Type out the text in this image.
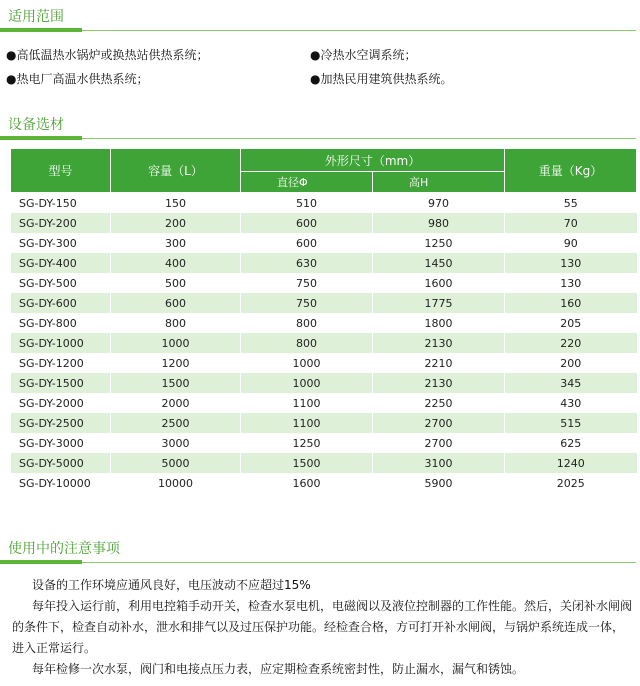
适用范围
●高低温热水锅炉或换热站供热系统；	●冷热水空调系统；
●热电厂高温水供热系统；	●加热民用建筑供热系统。
设备选材
型号	容量（L）	外形尺寸（mm）		重量（Kg）
		直径Φ	高H	
SG-DY-150	150	510	970	55
SG-DY-200	200	600	980	70
SG-DY-300	300	600	1250	90
SG-DY-400	400	630	1450	130
SG-DY-500	500	750	1600	130
SG-DY-600	600	750	1775	160
SG-DY-800	800	800	1800	205
SG-DY-1000	1000	800	2130	220
SG-DY-1200	1200	1000	2210	200
SG-DY-1500	1500	1000	2130	345
SG-DY-2000	2000	1100	2250	430
SG-DY-2500	2500	1100	2700	515
SG-DY-3000	3000	1250	2700	625
SG-DY-5000	5000	1500	3100	1240
SG-DY-10000	10000	1600	5900	2025
使用中的注意事项

设备的工作环境应通风良好，电压波动不应超过15%

每年投入运行前，利用电控箱手动开关，检查水泵电机，电磁阀以及液位控制器的工作性能。然后，关闭补水闸阀的条件下，检查自动补水，泄水和排气以及过压保护功能。经检查合格，方可打开补水闸阀，与锅炉系统连成一体，进入正常运行。

每年检修一次水泵，阀门和电接点压力表，应定期检查系统密封性，防止漏水，漏气和锈蚀。
